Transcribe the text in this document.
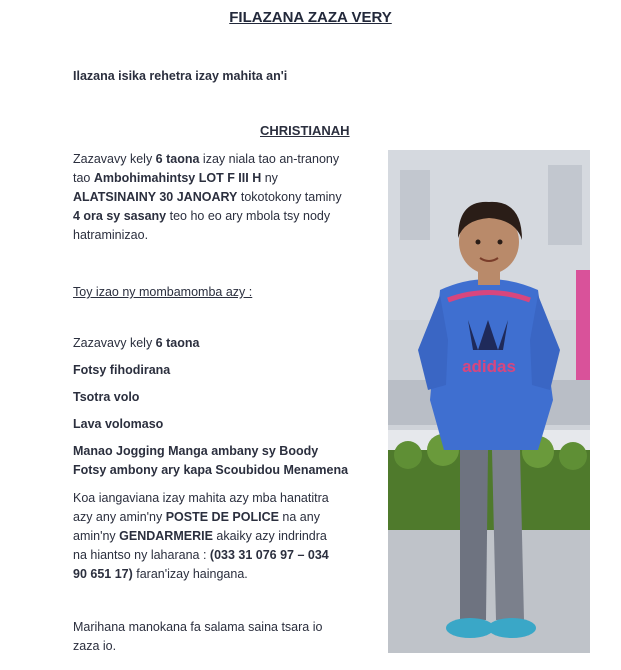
FILAZANA ZAZA VERY
Ilazana isika rehetra izay mahita an'i
CHRISTIANAH
Zazavavy kely 6 taona izay niala tao an-tranony
tao Ambohimahintsy LOT F III H ny
ALATSINAINY 30 JANOARY tokotokony taminy
4 ora sy sasany teo ho eo ary mbola tsy nody
hatraminizao.
Toy izao ny mombamomba azy :
Zazavavy kely 6 taona
Fotsy fihodirana
Tsotra volo
Lava volomaso
Manao Jogging Manga ambany sy Boody
Fotsy ambony ary kapa Scoubidou Menamena
Koa iangaviana izay mahita azy mba hanatitra
azy any amin'ny POSTE DE POLICE na any
amin'ny GENDARMERIE akaiky azy indrindra
na hiantso ny laharana : (033 31 076 97 – 034
90 651 17) faran'izay haingana.
Marihana manokana fa salama saina tsara io
zaza io.
adidas
